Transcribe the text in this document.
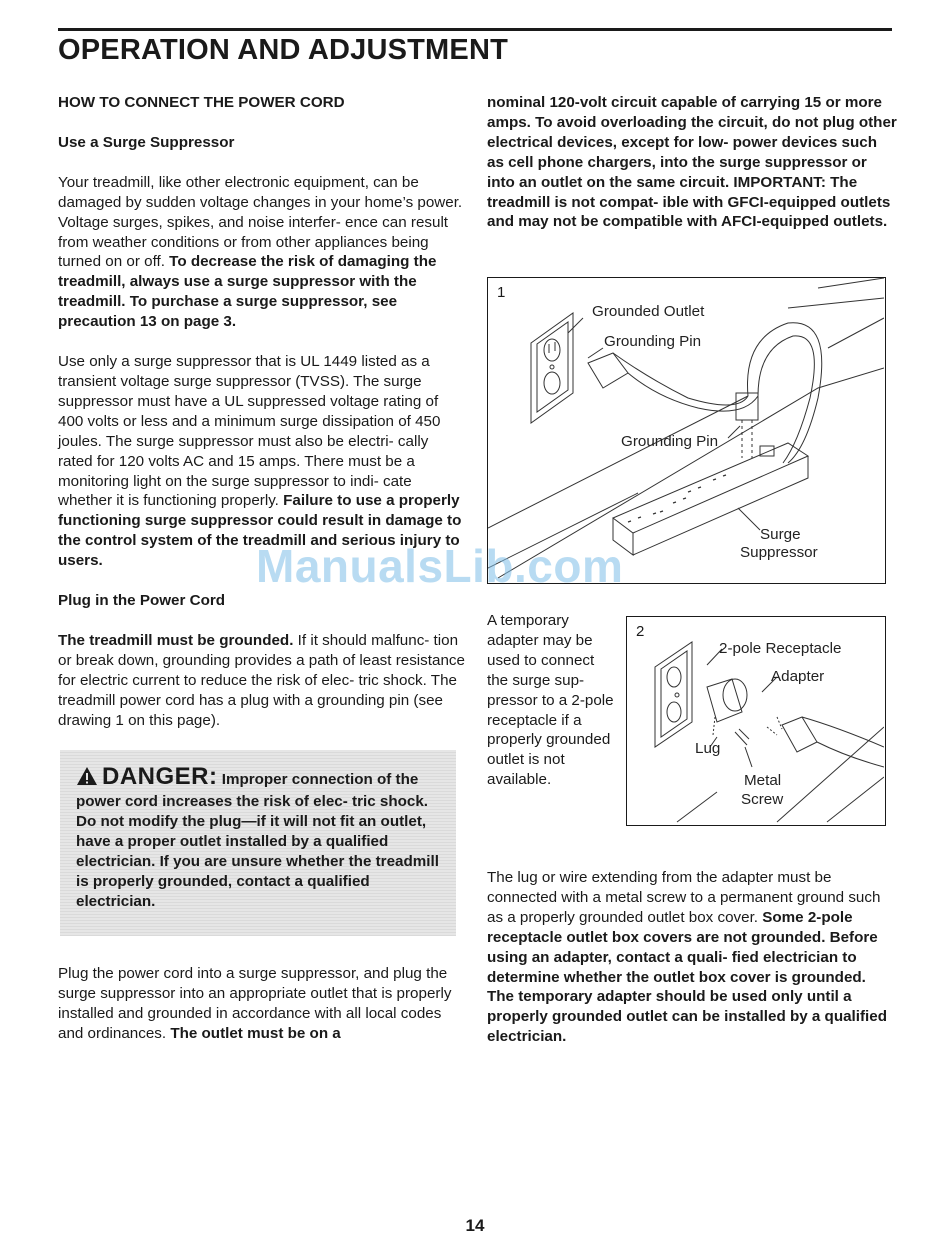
OPERATION AND ADJUSTMENT

HOW TO CONNECT THE POWER CORD

Use a Surge Suppressor

Your treadmill, like other electronic equipment, can be damaged by sudden voltage changes in your home’s power. Voltage surges, spikes, and noise interfer- ence can result from weather conditions or from other appliances being turned on or off. To decrease the risk of damaging the treadmill, always use a surge suppressor with the treadmill. To purchase a surge suppressor, see precaution 13 on page 3.

Use only a surge suppressor that is UL 1449 listed as a transient voltage surge suppressor (TVSS). The surge suppressor must have a UL suppressed voltage rating of 400 volts or less and a minimum surge dissipation of 450 joules. The surge suppressor must also be electri- cally rated for 120 volts AC and 15 amps. There must be a monitoring light on the surge suppressor to indi- cate whether it is functioning properly. Failure to use a properly functioning surge suppressor could result in damage to the control system of the treadmill and serious injury to users.

Plug in the Power Cord

The treadmill must be grounded. If it should malfunc- tion or break down, grounding provides a path of least resistance for electric current to reduce the risk of elec- tric shock. The treadmill power cord has a plug with a grounding pin (see drawing 1 on this page).

DANGER: Improper connection of the power cord increases the risk of elec- tric shock. Do not modify the plug—if it will not fit an outlet, have a proper outlet installed by a qualified electrician. If you are unsure whether the treadmill is properly grounded, contact a qualified electrician.

Plug the power cord into a surge suppressor, and plug the surge suppressor into an appropriate outlet that is properly installed and grounded in accordance with all local codes and ordinances. The outlet must be on a

nominal 120-volt circuit capable of carrying 15 or more amps. To avoid overloading the circuit, do not plug other electrical devices, except for low- power devices such as cell phone chargers, into the surge suppressor or into an outlet on the same circuit. IMPORTANT: The treadmill is not compat- ible with GFCI-equipped outlets and may not be compatible with AFCI-equipped outlets.

1
Grounded Outlet
Grounding Pin
Grounding Pin
Surge
Suppressor
A temporary adapter may be used to connect the surge sup- pressor to a 2-pole receptacle if a properly grounded outlet is not available.
2
2-pole Receptacle
Adapter
Lug
Metal
Screw
The lug or wire extending from the adapter must be connected with a metal screw to a permanent ground such as a properly grounded outlet box cover. Some 2-pole receptacle outlet box covers are not grounded. Before using an adapter, contact a quali- fied electrician to determine whether the outlet box cover is grounded. The temporary adapter should be used only until a properly grounded outlet can be installed by a qualified electrician.
ManualsLib.com
14
